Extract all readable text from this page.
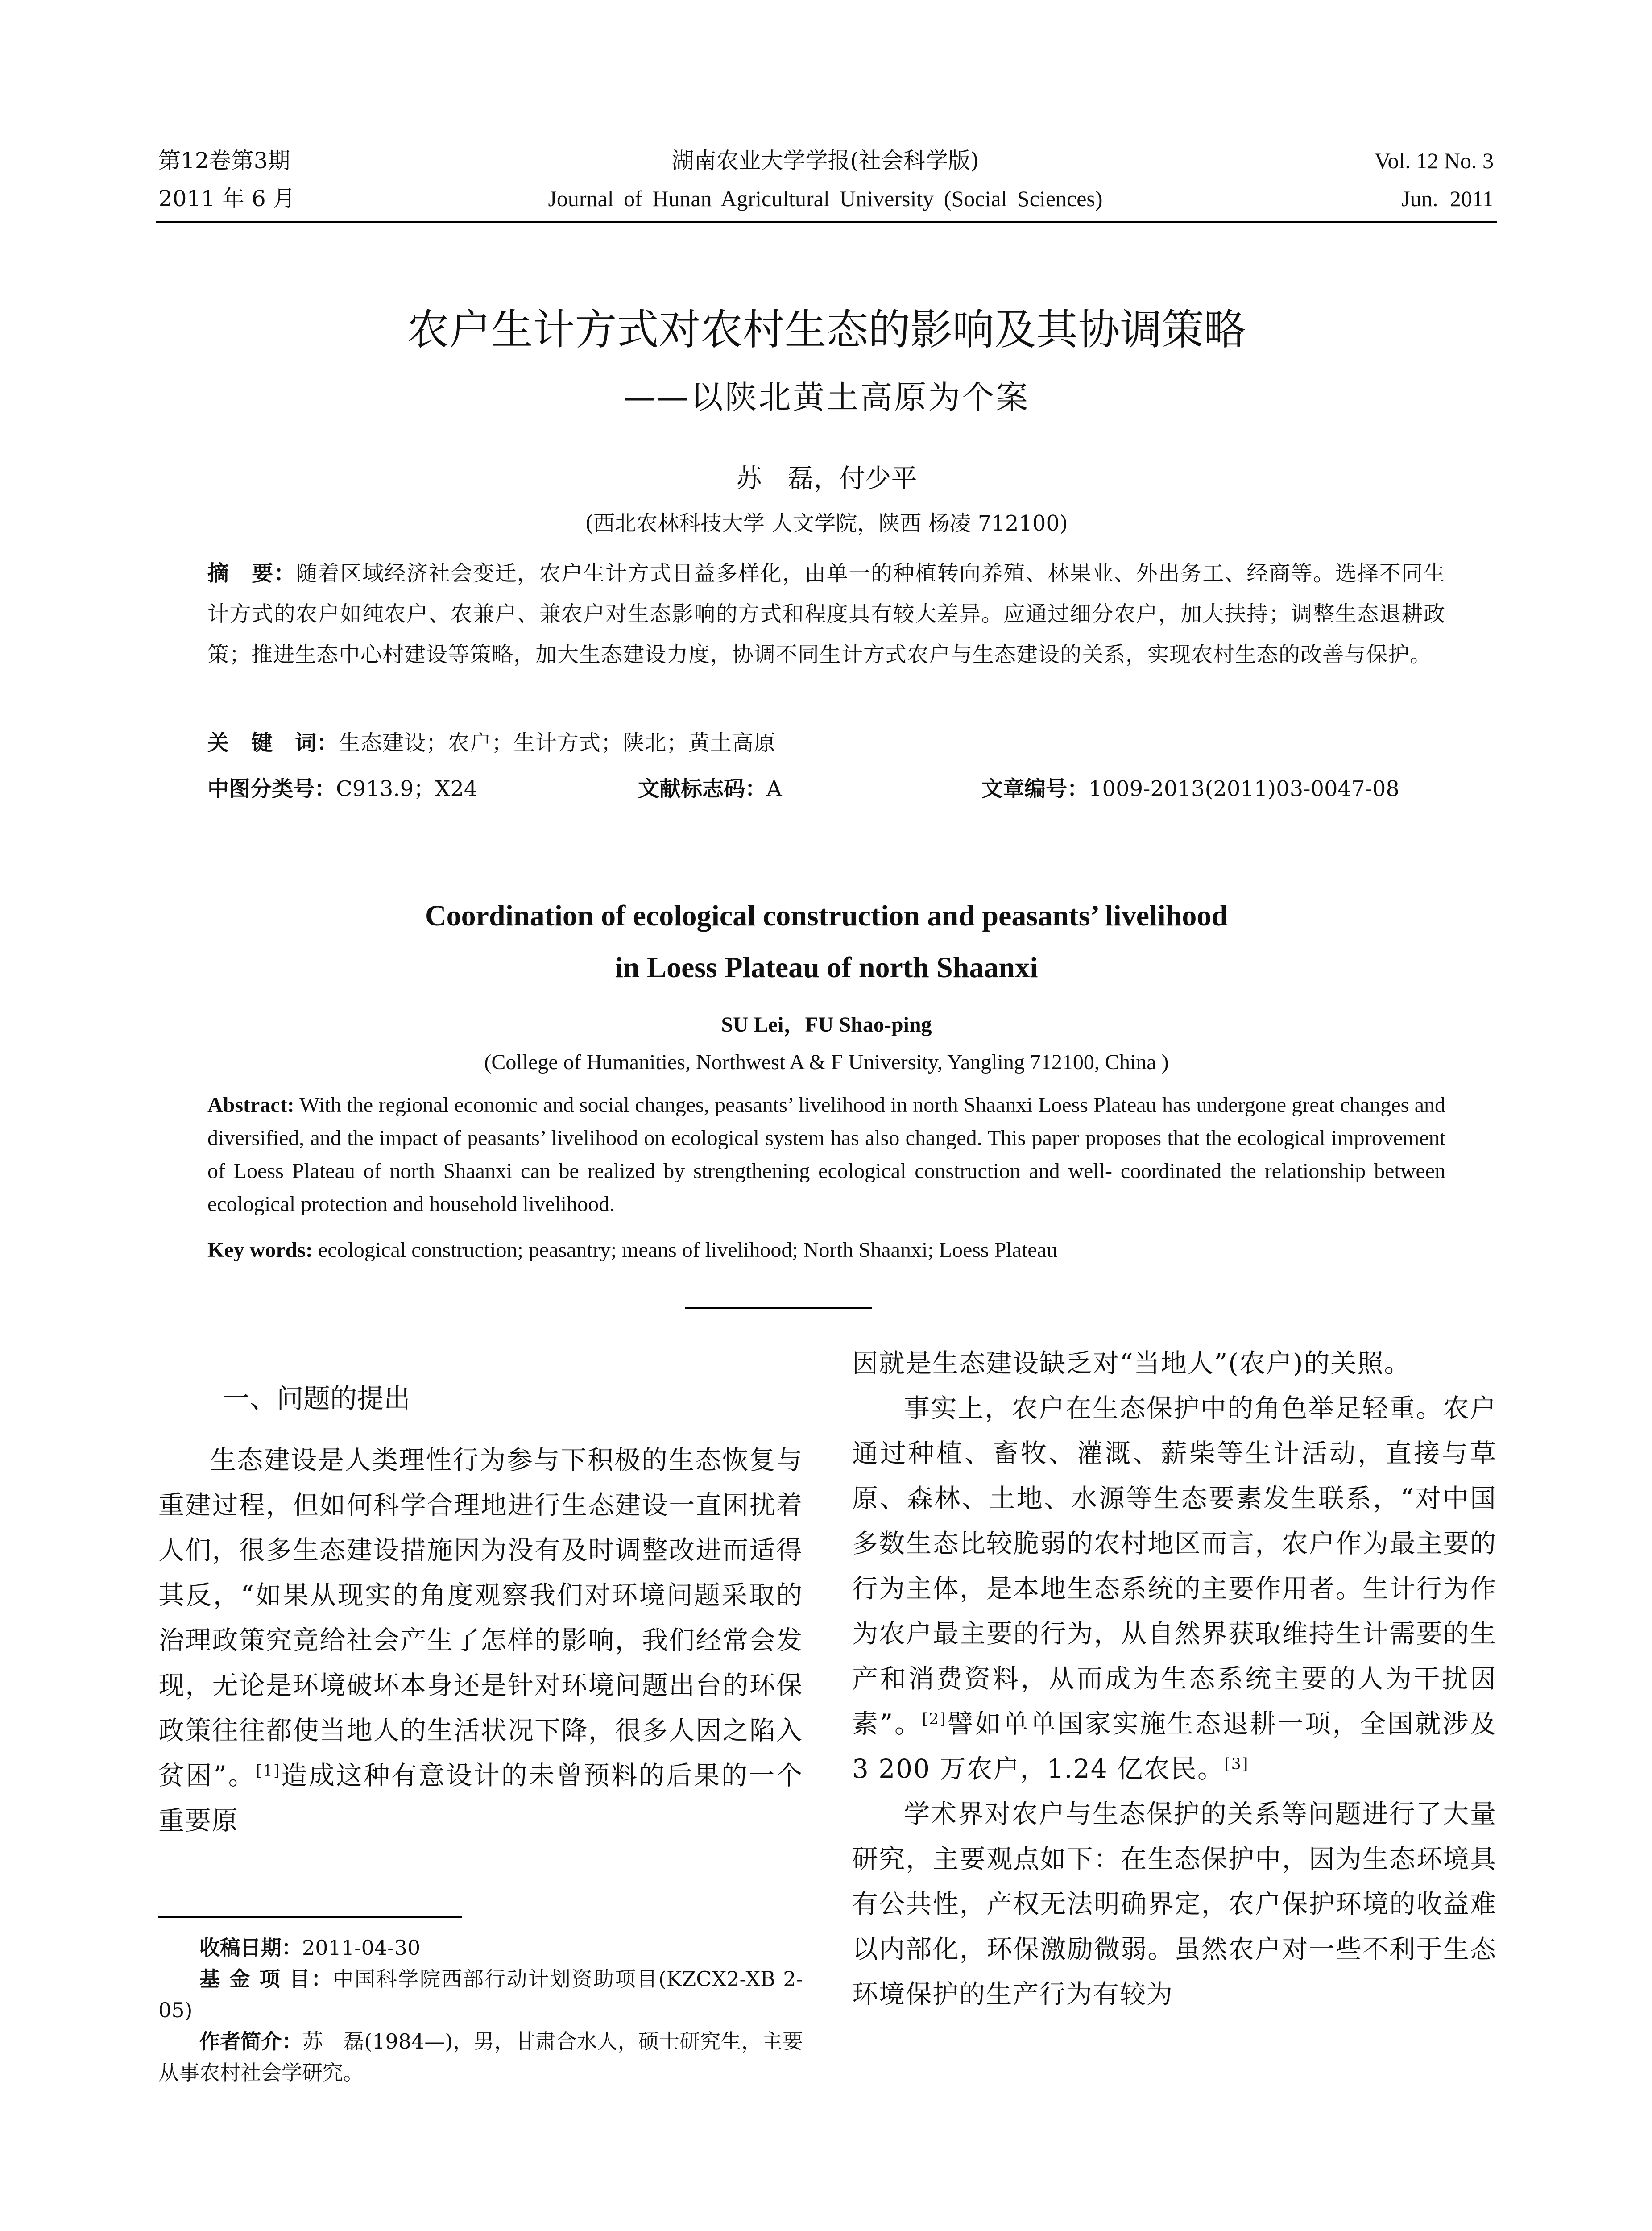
第12卷第3期
2011 年 6 月
湖南农业大学学报(社会科学版)
Journal of Hunan Agricultural University (Social Sciences)
Vol. 12 No. 3
Jun. 2011
农户生计方式对农村生态的影响及其协调策略
——以陕北黄土高原为个案
苏　磊，付少平
(西北农林科技大学 人文学院，陕西 杨凌 712100)
摘　要：随着区域经济社会变迁，农户生计方式日益多样化，由单一的种植转向养殖、林果业、外出务工、经商等。选择不同生计方式的农户如纯农户、农兼户、兼农户对生态影响的方式和程度具有较大差异。应通过细分农户，加大扶持；调整生态退耕政策；推进生态中心村建设等策略，加大生态建设力度，协调不同生计方式农户与生态建设的关系，实现农村生态的改善与保护。
关　键　词：生态建设；农户；生计方式；陕北；黄土高原
中图分类号：C913.9；X24	文献标志码：A	文章编号：1009-2013(2011)03-0047-08
Coordination of ecological construction and peasants’ livelihood
in Loess Plateau of north Shaanxi
SU Lei，FU Shao-ping
(College of Humanities, Northwest A & F University, Yangling 712100, China )
Abstract: With the regional economic and social changes, peasants’ livelihood in north Shaanxi Loess Plateau has undergone great changes and diversified, and the impact of peasants’ livelihood on ecological system has also changed. This paper proposes that the ecological improvement of Loess Plateau of north Shaanxi can be realized by strengthening ecological construction and well- coordinated the relationship between ecological protection and household livelihood.
Key words: ecological construction; peasantry; means of livelihood; North Shaanxi; Loess Plateau
一、问题的提出

生态建设是人类理性行为参与下积极的生态恢复与重建过程，但如何科学合理地进行生态建设一直困扰着人们，很多生态建设措施因为没有及时调整改进而适得其反，“如果从现实的角度观察我们对环境问题采取的治理政策究竟给社会产生了怎样的影响，我们经常会发现，无论是环境破坏本身还是针对环境问题出台的环保政策往往都使当地人的生活状况下降，很多人因之陷入贫困”。[1]造成这种有意设计的未曾预料的后果的一个重要原

收稿日期：2011-04-30

基 金 项 目：中国科学院西部行动计划资助项目(KZCX2-XB 2-05)

作者简介：苏　磊(1984—)，男，甘肃合水人，硕士研究生，主要从事农村社会学研究。

因就是生态建设缺乏对“当地人”(农户)的关照。

事实上，农户在生态保护中的角色举足轻重。农户通过种植、畜牧、灌溉、薪柴等生计活动，直接与草原、森林、土地、水源等生态要素发生联系，“对中国多数生态比较脆弱的农村地区而言，农户作为最主要的行为主体，是本地生态系统的主要作用者。生计行为作为农户最主要的行为，从自然界获取维持生计需要的生产和消费资料，从而成为生态系统主要的人为干扰因素”。[2]譬如单单国家实施生态退耕一项，全国就涉及 3 200 万农户，1.24 亿农民。[3]

学术界对农户与生态保护的关系等问题进行了大量研究，主要观点如下：在生态保护中，因为生态环境具有公共性，产权无法明确界定，农户保护环境的收益难以内部化，环保激励微弱。虽然农户对一些不利于生态环境保护的生产行为有较为
